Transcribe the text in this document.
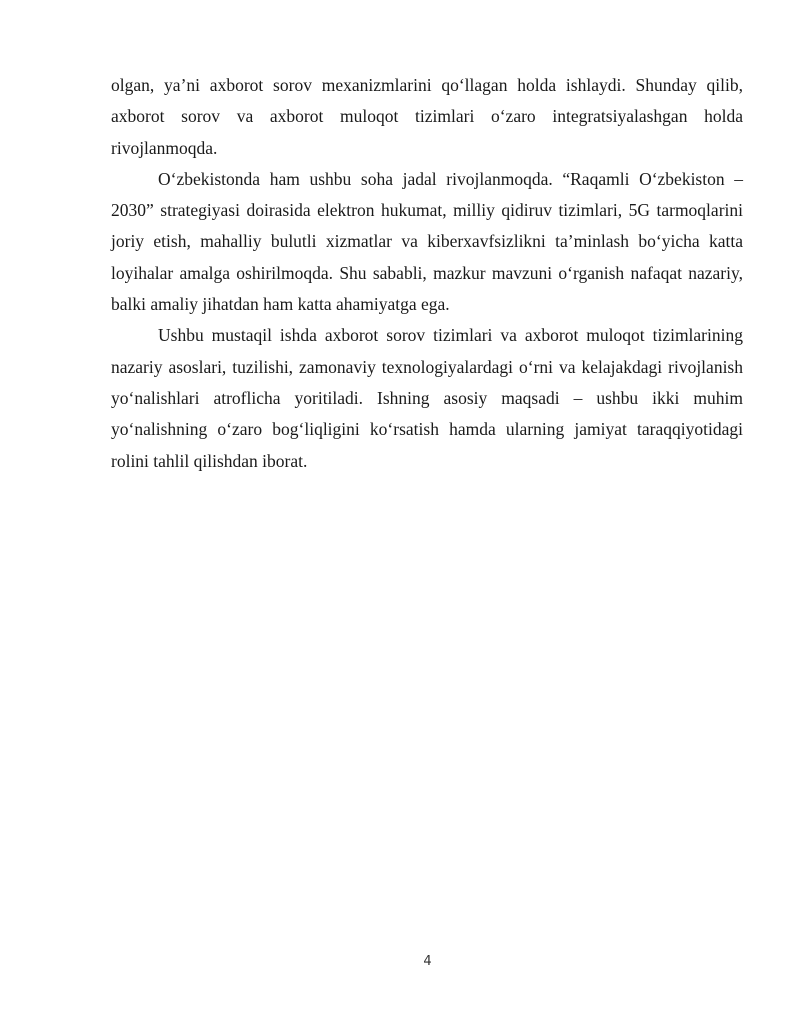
olgan, ya’ni axborot sorov mexanizmlarini qo‘llagan holda ishlaydi. Shunday qilib, axborot sorov va axborot muloqot tizimlari o‘zaro integratsiyalashgan holda rivojlanmoqda.

O‘zbekistonda ham ushbu soha jadal rivojlanmoqda. “Raqamli O‘zbekiston – 2030” strategiyasi doirasida elektron hukumat, milliy qidiruv tizimlari, 5G tarmoqlarini joriy etish, mahalliy bulutli xizmatlar va kiberxavfsizlikni ta’minlash bo‘yicha katta loyihalar amalga oshirilmoqda. Shu sababli, mazkur mavzuni o‘rganish nafaqat nazariy, balki amaliy jihatdan ham katta ahamiyatga ega.

Ushbu mustaqil ishda axborot sorov tizimlari va axborot muloqot tizimlarining nazariy asoslari, tuzilishi, zamonaviy texnologiyalardagi o‘rni va kelajakdagi rivojlanish yo‘nalishlari atroflicha yoritiladi. Ishning asosiy maqsadi – ushbu ikki muhim yo‘nalishning o‘zaro bog‘liqligini ko‘rsatish hamda ularning jamiyat taraqqiyotidagi rolini tahlil qilishdan iborat.

4
